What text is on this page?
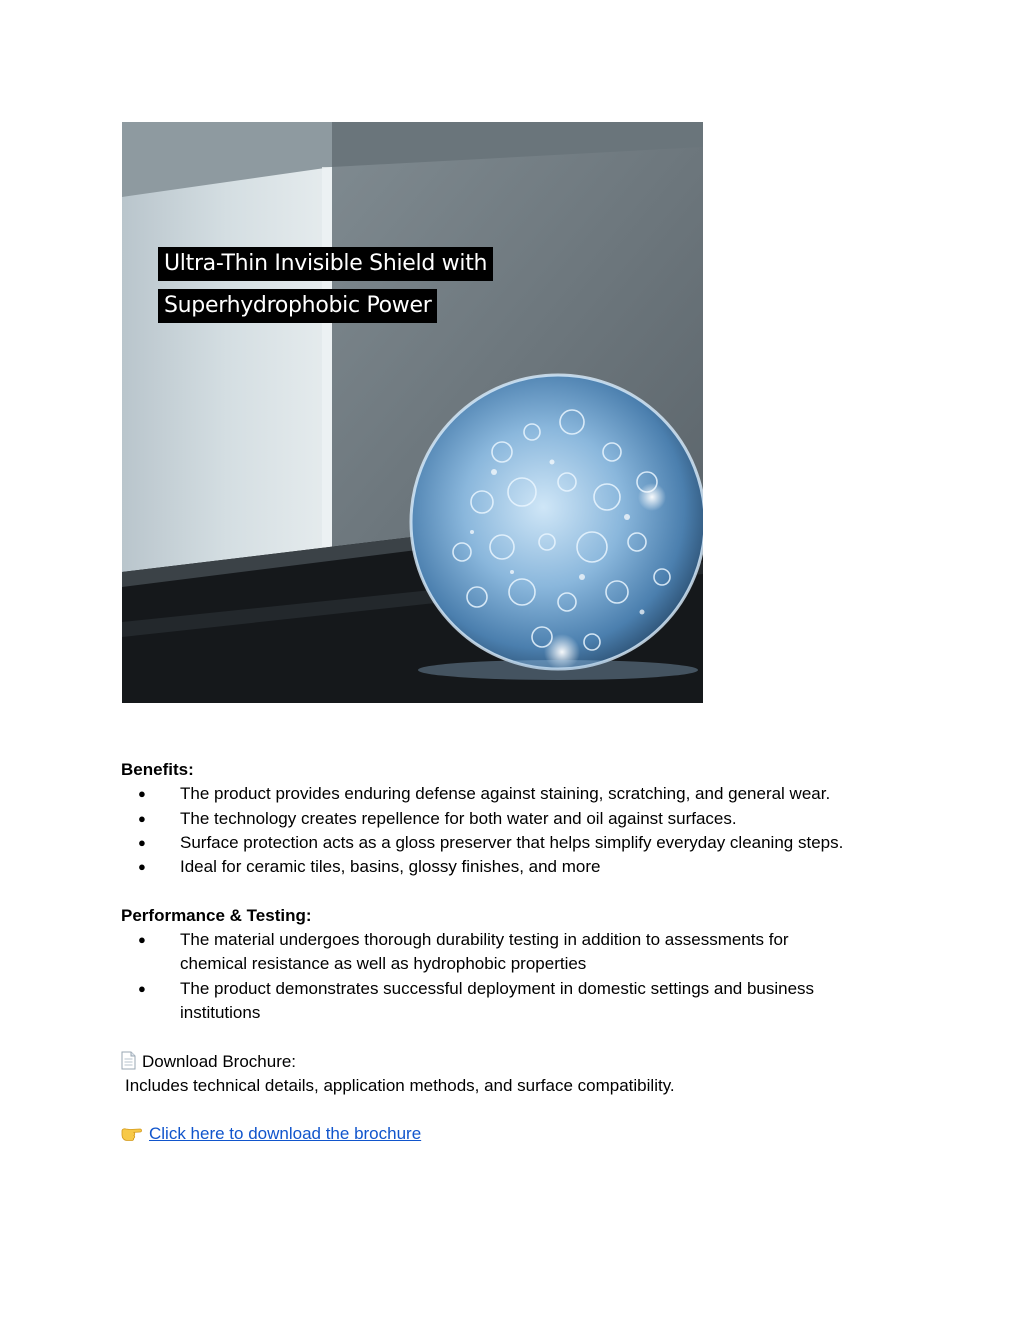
Ultra-Thin Invisible Shield with
Superhydrophobic Power

Benefits:

● The product provides enduring defense against staining, scratching, and general wear.
● The technology creates repellence for both water and oil against surfaces.
● Surface protection acts as a gloss preserver that helps simplify everyday cleaning steps.
● Ideal for ceramic tiles, basins, glossy finishes, and more

Performance & Testing:

● The material undergoes thorough durability testing in addition to assessments for
chemical resistance as well as hydrophobic properties
● The product demonstrates successful deployment in domestic settings and business
institutions
Download Brochure:
Includes technical details, application methods, and surface compatibility.
Click here to download the brochure
